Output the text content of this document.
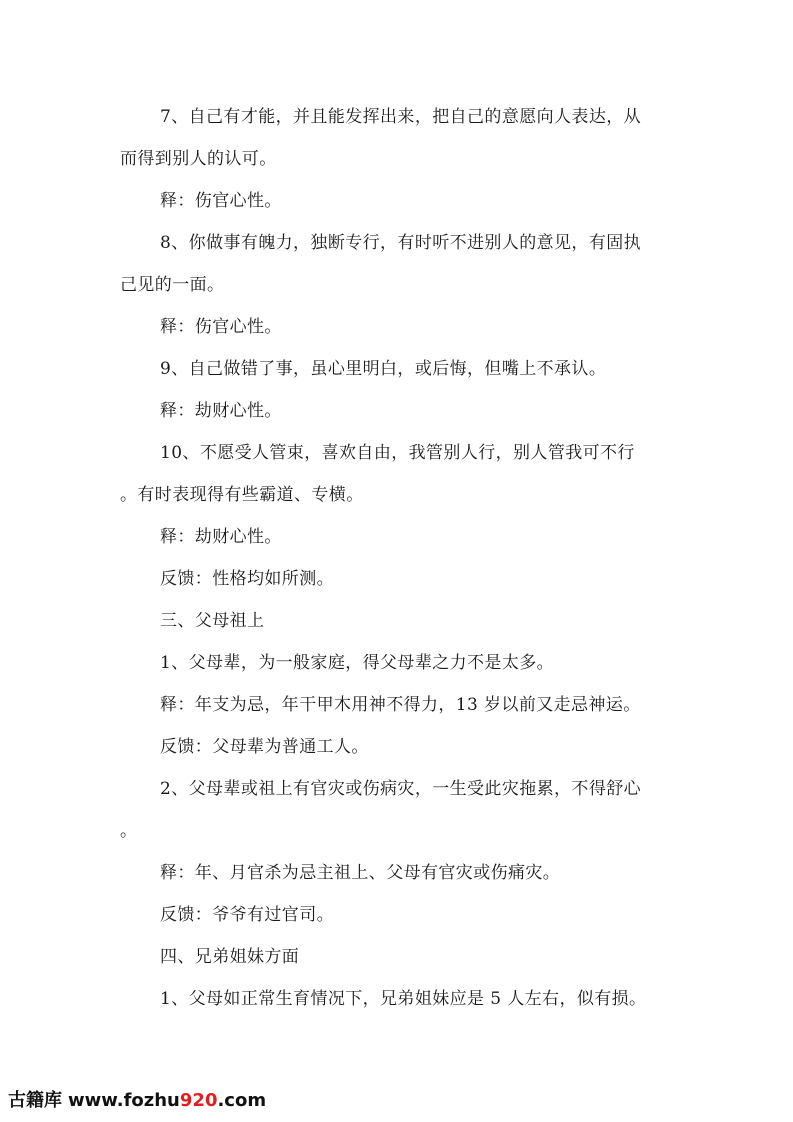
7、自己有才能，并且能发挥出来，把自己的意愿向人表达，从
而得到别人的认可。
释：伤官心性。
8、你做事有魄力，独断专行，有时听不进别人的意见，有固执
己见的一面。
释：伤官心性。
9、自己做错了事，虽心里明白，或后悔，但嘴上不承认。
释：劫财心性。
10、不愿受人管束，喜欢自由，我管别人行，别人管我可不行
。有时表现得有些霸道、专横。
释：劫财心性。
反馈：性格均如所测。
三、父母祖上
1、父母辈，为一般家庭，得父母辈之力不是太多。
释：年支为忌，年干甲木用神不得力，13 岁以前又走忌神运。
反馈：父母辈为普通工人。
2、父母辈或祖上有官灾或伤病灾，一生受此灾拖累，不得舒心
。
释：年、月官杀为忌主祖上、父母有官灾或伤痛灾。
反馈：爷爷有过官司。
四、兄弟姐妹方面
1、父母如正常生育情况下，兄弟姐妹应是 5 人左右，似有损。
古籍库 www.fozhu920.com
